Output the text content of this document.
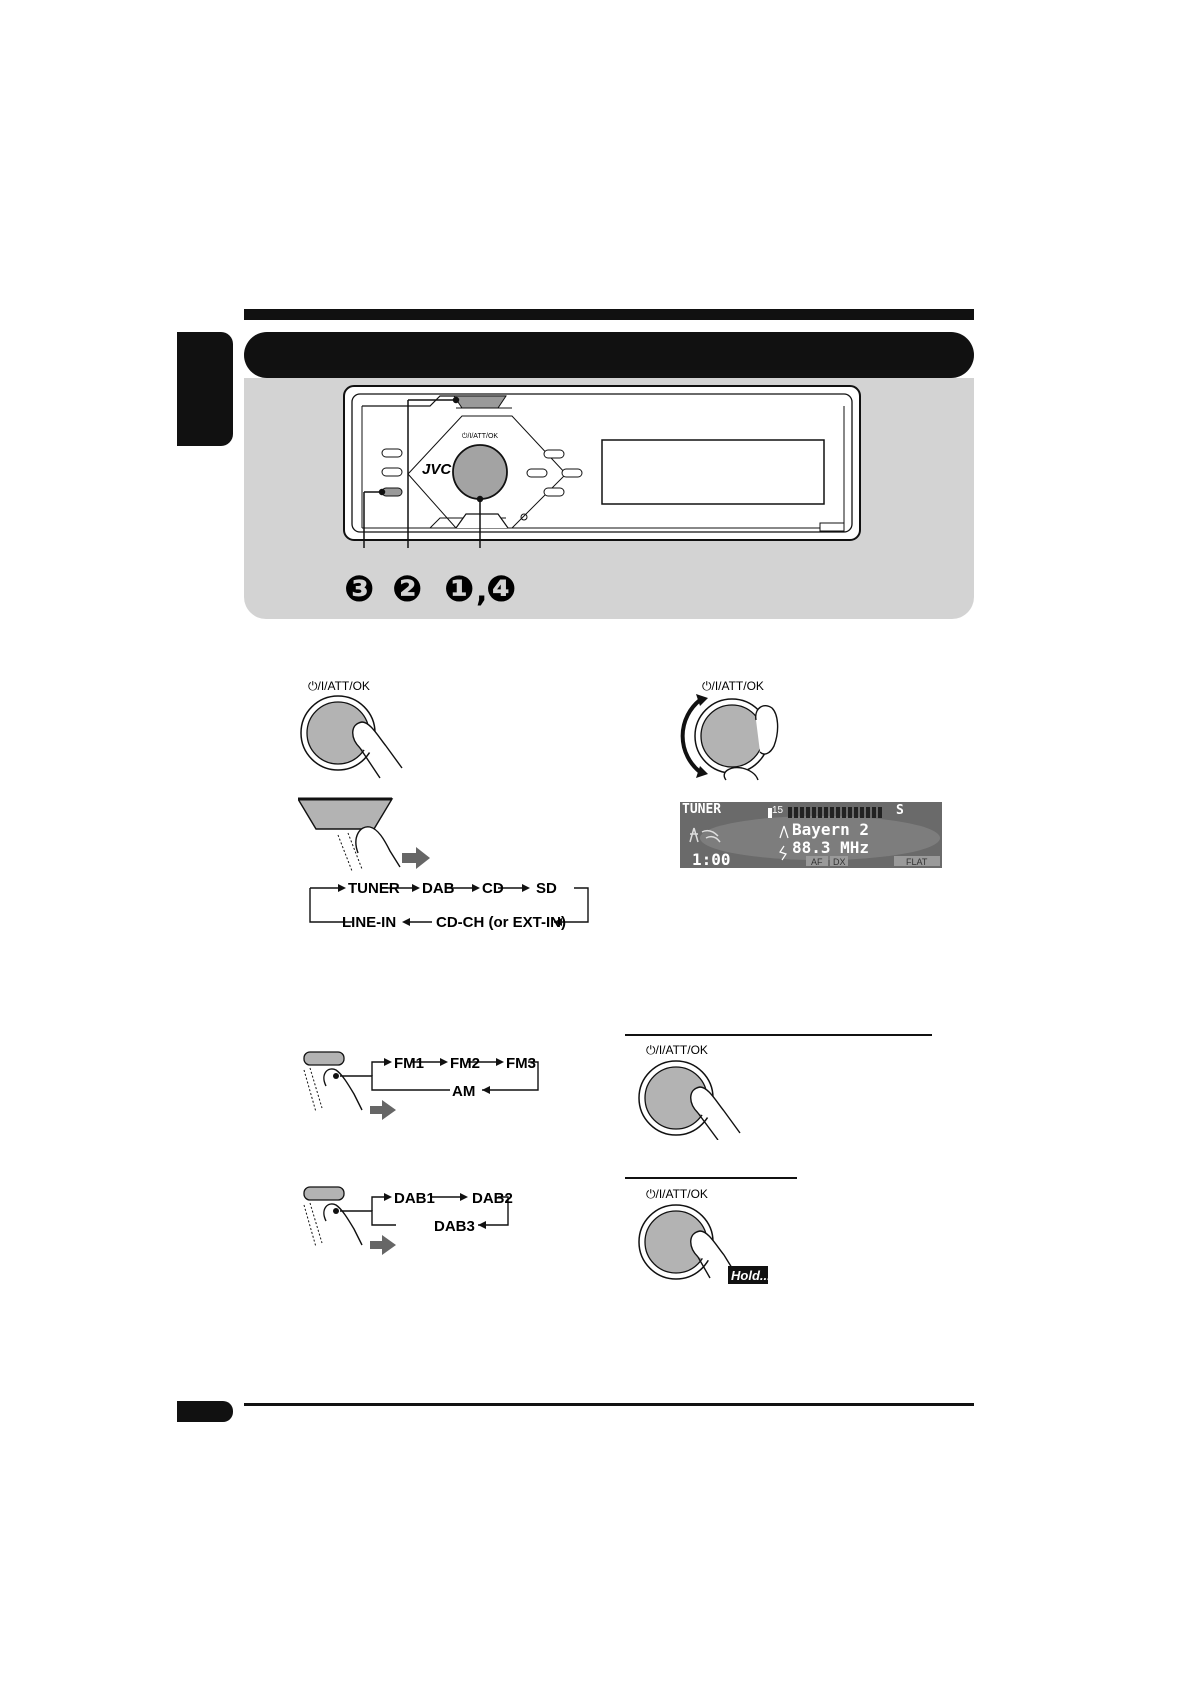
JVC
⏻/I/ATT/OK
❸ ❷ ❶ ,
❹
⏻/I/ATT/OK
TUNER DAB CD SD
LINE-IN	CD-CH (or EXT-IN)
⏻/I/ATT/OK
TUNER	15	S
Bayern 2
88.3 MHz
1:00	AF DX	FLAT
FM1 FM2 FM3
AM
DAB1 DAB2
DAB3
⏻/I/ATT/OK
⏻/I/ATT/OK
Hold....
